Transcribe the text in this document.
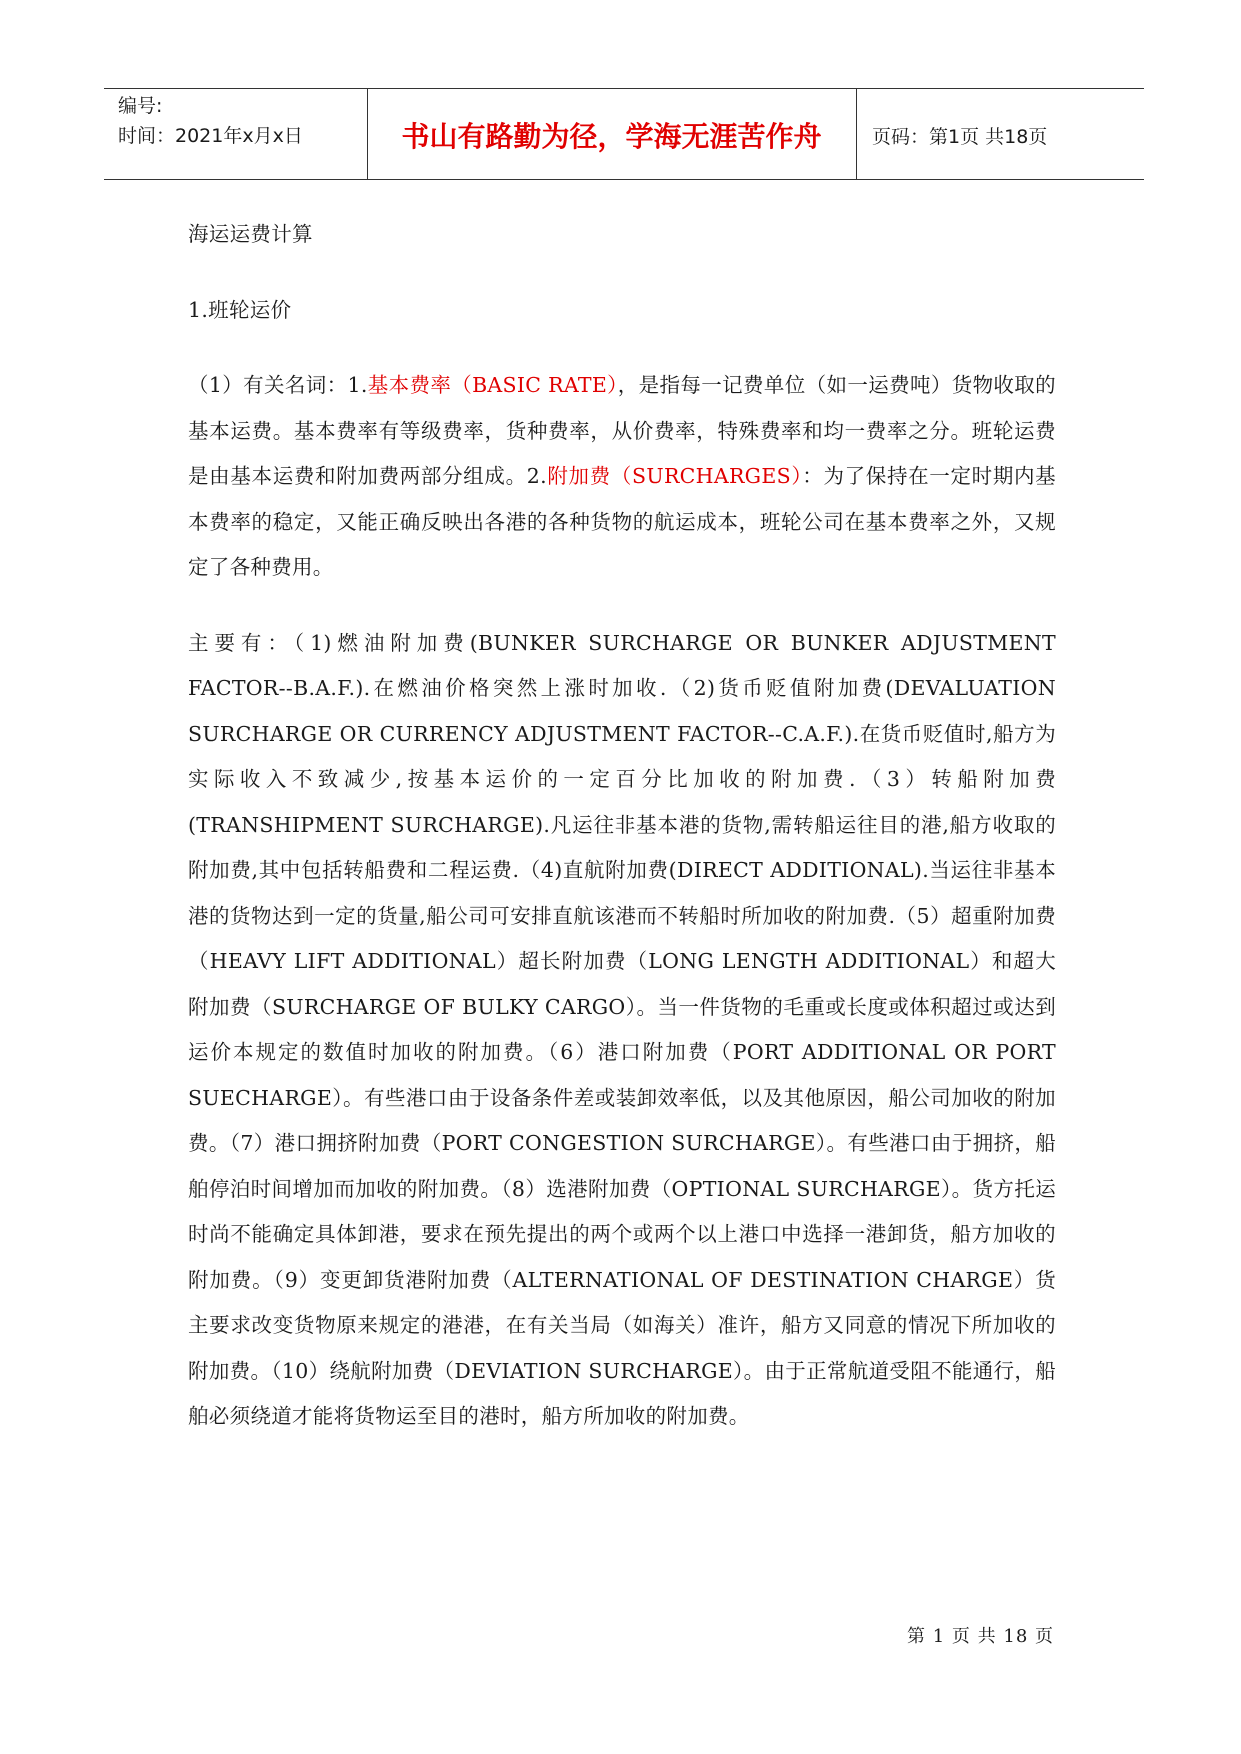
编号:
时间：2021年x月x日	书山有路勤为径，学海无涯苦作舟	页码：第1页 共18页

海运运费计算

1.班轮运价

（1）有关名词：1.基本费率（BASIC RATE），是指每一记费单位（如一运费吨）货物收取的基本运费。基本费率有等级费率，货种费率，从价费率，特殊费率和均一费率之分。班轮运费是由基本运费和附加费两部分组成。2.附加费（SURCHARGES）：为了保持在一定时期内基本费率的稳定，又能正确反映出各港的各种货物的航运成本，班轮公司在基本费率之外，又规定了各种费用。

主要有：（1)燃油附加费(BUNKER SURCHARGE OR BUNKER ADJUSTMENT FACTOR--B.A.F.).在燃油价格突然上涨时加收.（2)货币贬值附加费(DEVALUATION SURCHARGE OR CURRENCY ADJUSTMENT FACTOR--C.A.F.).在货币贬值时,船方为实际收入不致减少,按基本运价的一定百分比加收的附加费.（3）转船附加费(TRANSHIPMENT SURCHARGE).凡运往非基本港的货物,需转船运往目的港,船方收取的附加费,其中包括转船费和二程运费.（4)直航附加费(DIRECT ADDITIONAL).当运往非基本港的货物达到一定的货量,船公司可安排直航该港而不转船时所加收的附加费.（5）超重附加费（HEAVY LIFT ADDITIONAL）超长附加费（LONG LENGTH ADDITIONAL）和超大附加费（SURCHARGE OF BULKY CARGO）。当一件货物的毛重或长度或体积超过或达到运价本规定的数值时加收的附加费。（6）港口附加费（PORT ADDITIONAL OR PORT SUECHARGE）。有些港口由于设备条件差或装卸效率低，以及其他原因，船公司加收的附加费。（7）港口拥挤附加费（PORT CONGESTION SURCHARGE）。有些港口由于拥挤，船舶停泊时间增加而加收的附加费。（8）选港附加费（OPTIONAL SURCHARGE）。货方托运时尚不能确定具体卸港，要求在预先提出的两个或两个以上港口中选择一港卸货，船方加收的附加费。（9）变更卸货港附加费（ALTERNATIONAL OF DESTINATION CHARGE）货主要求改变货物原来规定的港港，在有关当局（如海关）准许，船方又同意的情况下所加收的附加费。（10）绕航附加费（DEVIATION SURCHARGE）。由于正常航道受阻不能通行，船舶必须绕道才能将货物运至目的港时，船方所加收的附加费。

第 1 页 共 18 页
